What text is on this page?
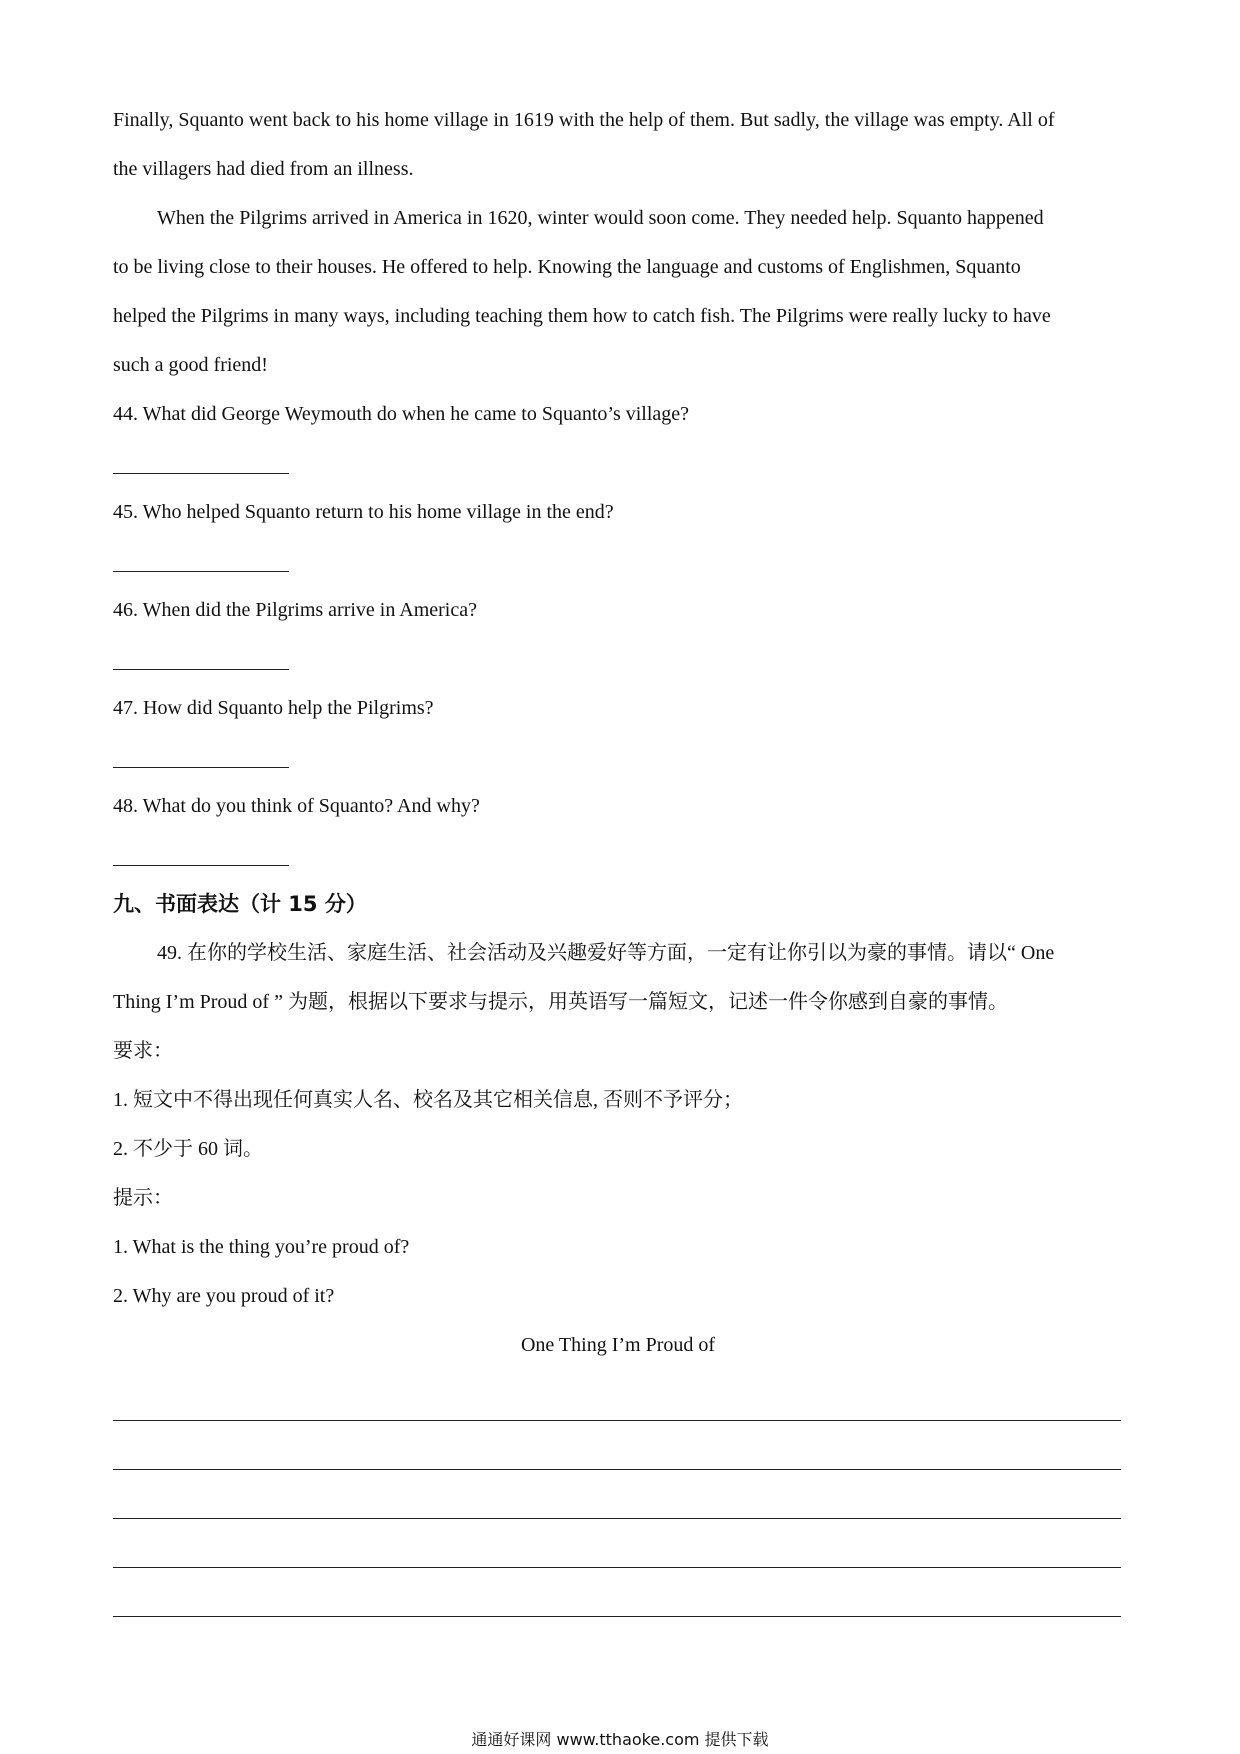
Finally, Squanto went back to his home village in 1619 with the help of them. But sadly, the village was empty. All of
the villagers had died from an illness.
When the Pilgrims arrived in America in 1620, winter would soon come. They needed help. Squanto happened
to be living close to their houses. He offered to help. Knowing the language and customs of Englishmen, Squanto
helped the Pilgrims in many ways, including teaching them how to catch fish. The Pilgrims were really lucky to have
such a good friend!
44. What did George Weymouth do when he came to Squanto’s village?
45. Who helped Squanto return to his home village in the end?
46. When did the Pilgrims arrive in America?
47. How did Squanto help the Pilgrims?
48. What do you think of Squanto? And why?
九、书面表达（计 15 分）
49. 在你的学校生活、家庭生活、社会活动及兴趣爱好等方面，一定有让你引以为豪的事情。请以“ One
Thing I’m Proud of ” 为题，根据以下要求与提示，用英语写一篇短文，记述一件令你感到自豪的事情。
要求：
1. 短文中不得出现任何真实人名、校名及其它相关信息, 否则不予评分；
2. 不少于 60 词。
提示：
1. What is the thing you’re proud of?
2. Why are you proud of it?
One Thing I’m Proud of
通通好课网 www.tthaoke.com 提供下载
